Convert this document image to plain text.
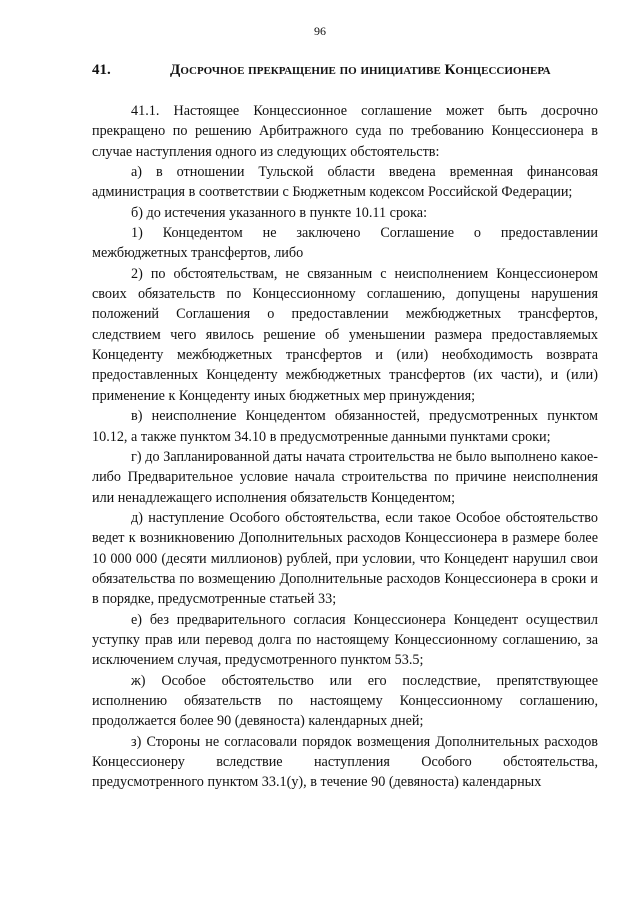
96
41.	Досрочное прекращение по инициативе Концессионера

41.1. Настоящее Концессионное соглашение может быть досрочно прекращено по решению Арбитражного суда по требованию Концессионера в случае наступления одного из следующих обстоятельств:

а) в отношении Тульской области введена временная финансовая администрация в соответствии с Бюджетным кодексом Российской Федерации;

б) до истечения указанного в пункте 10.11 срока:

1) Концедентом не заключено Соглашение о предоставлении межбюджетных трансфертов, либо

2) по обстоятельствам, не связанным с неисполнением Концессионером своих обязательств по Концессионному соглашению, допущены нарушения положений Соглашения о предоставлении межбюджетных трансфертов, следствием чего явилось решение об уменьшении размера предоставляемых Концеденту межбюджетных трансфертов и (или) необходимость возврата предоставленных Концеденту межбюджетных трансфертов (их части), и (или) применение к Концеденту иных бюджетных мер принуждения;

в) неисполнение Концедентом обязанностей, предусмотренных пунктом 10.12, а также пунктом 34.10 в предусмотренные данными пунктами сроки;

г) до Запланированной даты начата строительства не было выполнено какое-либо Предварительное условие начала строительства по причине неисполнения или ненадлежащего исполнения обязательств Концедентом;

д) наступление Особого обстоятельства, если такое Особое обстоятельство ведет к возникновению Дополнительных расходов Концессионера в размере более 10 000 000 (десяти миллионов) рублей, при условии, что Концедент нарушил свои обязательства по возмещению Дополнительные расходов Концессионера в сроки и в порядке, предусмотренные статьей 33;

е) без предварительного согласия Концессионера Концедент осуществил уступку прав или перевод долга по настоящему Концессионному соглашению, за исключением случая, предусмотренного пунктом 53.5;

ж) Особое обстоятельство или его последствие, препятствующее исполнению обязательств по настоящему Концессионному соглашению, продолжается более 90 (девяноста) календарных дней;

з) Стороны не согласовали порядок возмещения Дополнительных расходов Концессионеру вследствие наступления Особого обстоятельства, предусмотренного пунктом 33.1(у), в течение 90 (девяноста) календарных
